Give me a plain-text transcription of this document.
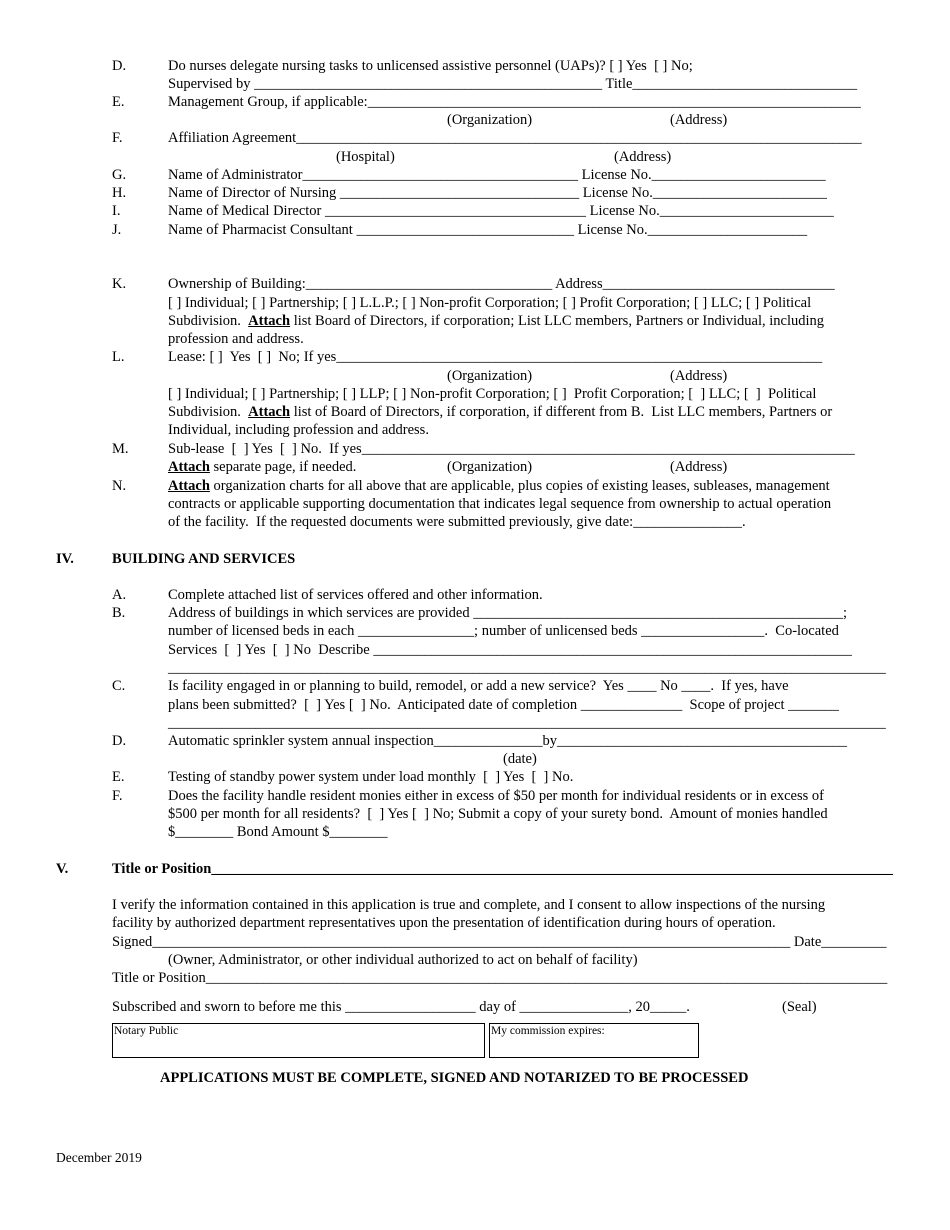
D.	Do nurses delegate nursing tasks to unlicensed assistive personnel (UAPs)? [ ] Yes  [ ] No;
Supervised by ________________________________________________ Title_______________________________
E.	Management Group, if applicable:____________________________________________________________________
(Organization)	(Address)
F.	Affiliation Agreement______________________________________________________________________________
(Hospital)	(Address)
G.	Name of Administrator______________________________________ License No.________________________
H.	Name of Director of Nursing _________________________________ License No.________________________
I.	Name of Medical Director ____________________________________ License No.________________________
J.	Name of Pharmacist Consultant ______________________________ License No.______________________
K.	Ownership of Building:__________________________________ Address________________________________
[ ] Individual; [ ] Partnership; [ ] L.L.P.; [ ] Non-profit Corporation; [ ] Profit Corporation; [ ] LLC; [ ] Political
Subdivision.  Attach list Board of Directors, if corporation; List LLC members, Partners or Individual, including
profession and address.
L.	Lease: [ ]  Yes  [ ]  No; If yes___________________________________________________________________
(Organization)	(Address)
[ ] Individual; [ ] Partnership; [ ] LLP; [ ] Non-profit Corporation; [ ]  Profit Corporation; [  ] LLC; [  ]  Political
Subdivision.  Attach list of Board of Directors, if corporation, if different from B.  List LLC members, Partners or
Individual, including profession and address.
M.	Sub-lease  [  ] Yes  [  ] No.  If yes____________________________________________________________________
Attach separate page, if needed.	(Organization)	(Address)
N.	Attach organization charts for all above that are applicable, plus copies of existing leases, subleases, management
contracts or applicable supporting documentation that indicates legal sequence from ownership to actual operation
of the facility.  If the requested documents were submitted previously, give date:_______________.
IV.	BUILDING AND SERVICES
A.	Complete attached list of services offered and other information.
B.	Address of buildings in which services are provided ___________________________________________________;
number of licensed beds in each ________________; number of unlicensed beds _________________.  Co-located
Services  [  ] Yes  [  ] No  Describe __________________________________________________________________
___________________________________________________________________________________________________
C.	Is facility engaged in or planning to build, remodel, or add a new service?  Yes ____ No ____.  If yes, have
plans been submitted?  [  ] Yes [  ] No.  Anticipated date of completion ______________  Scope of project _______
___________________________________________________________________________________________________
D.	Automatic sprinkler system annual inspection_______________by________________________________________
(date)
E.	Testing of standby power system under load monthly  [  ] Yes  [  ] No.
F.	Does the facility handle resident monies either in excess of $50 per month for individual residents or in excess of
$500 per month for all residents?  [  ] Yes [  ] No; Submit a copy of your surety bond.  Amount of monies handled
$________ Bond Amount $________
V.	Title or Position______________________________________________________________________________________________
I verify the information contained in this application is true and complete, and I consent to allow inspections of the nursing
facility by authorized department representatives upon the presentation of identification during hours of operation.
Signed________________________________________________________________________________________ Date_________
(Owner, Administrator, or other individual authorized to act on behalf of facility)
Title or Position______________________________________________________________________________________________
Subscribed and sworn to before me this __________________ day of _______________, 20_____.	(Seal)
Notary Public	My commission expires:
APPLICATIONS MUST BE COMPLETE, SIGNED AND NOTARIZED TO BE PROCESSED
December 2019
